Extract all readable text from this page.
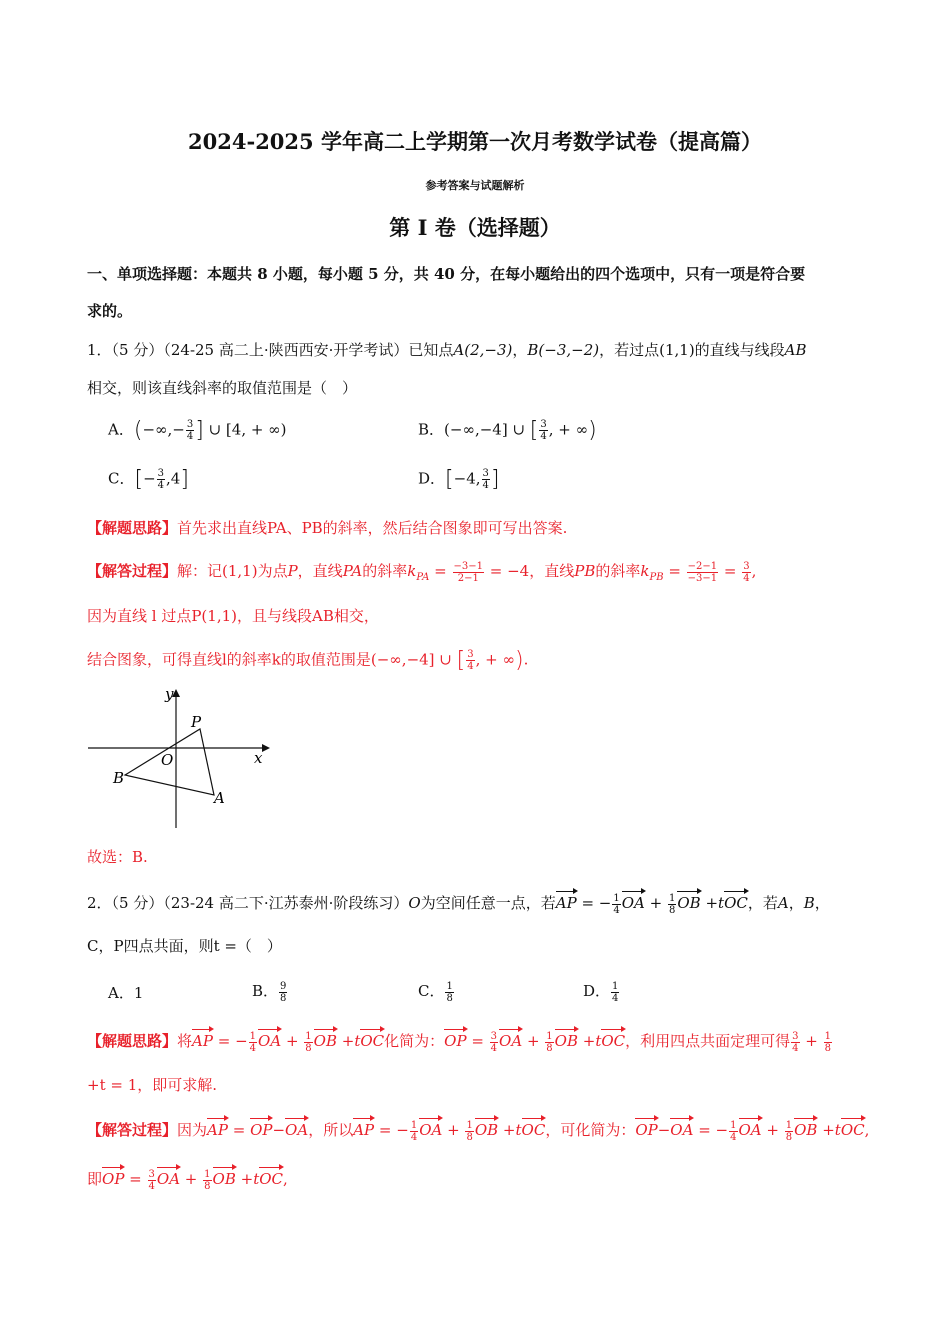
2024-2025 学年高二上学期第一次月考数学试卷（提高篇）
参考答案与试题解析
第 I 卷（选择题）
一、单项选择题：本题共 8 小题，每小题 5 分，共 40 分，在每小题给出的四个选项中，只有一项是符合要
求的。
1．（5 分）（24-25 高二上·陕西西安·开学考试）已知点A(2,−3)，B(−3,−2)，若过点(1,1)的直线与线段AB
相交，则该直线斜率的取值范围是（　）
A．(−∞,− $\frac{3}{4}$ ] ∪ [4, + ∞)	B．(−∞,−4] ∪ [ $\frac{3}{4}$ , + ∞)
C．[− $\frac{3}{4} ,4$]	D．[−4, $\frac{3}{4}$ ]
【解题思路】首先求出直线PA、PB的斜率，然后结合图象即可写出答案.
【解答过程】解：记(1,1)为点P，直线PA的斜率$k_{PA} = \frac{-3-1}{2-1} = -4$，直线PB的斜率$k_{PB} = \frac{-2-1}{-3-1} = \frac{3}{4}$ ,
因为直线 l 过点P(1,1)，且与线段AB相交，
结合图象，可得直线l的斜率k的取值范围是(−∞,−4] ∪ [ $\frac{3}{4}$ , + ∞).
y
x
O
P
B
A
故选：B.
2．（5 分）（23-24 高二下·江苏泰州·阶段练习）O为空间任意一点，若AP = − $\frac{1}{4}$ OA + $\frac{1}{8}$ OB +tOC，若A，B，
C，P四点共面，则t =（　）
A．1	B． $\frac{9}{8}$	C． $\frac{1}{8}$	D． $\frac{1}{4}$
【解题思路】将AP = − $\frac{1}{4}$ OA + $\frac{1}{8}$ OB +tOC化简为：OP = $\frac{3}{4}$ OA + $\frac{1}{8}$ OB +tOC，利用四点共面定理可得 $\frac{3}{4} + \frac{1}{8}$
+t = 1，即可求解.
【解答过程】因为AP = OP−OA，所以AP = − $\frac{1}{4}$ OA + $\frac{1}{8}$ OB +tOC，可化简为：OP−OA = − $\frac{1}{4}$ OA + $\frac{1}{8}$ OB +tOC,
即OP = $\frac{3}{4}$ OA + $\frac{1}{8}$ OB +tOC,
